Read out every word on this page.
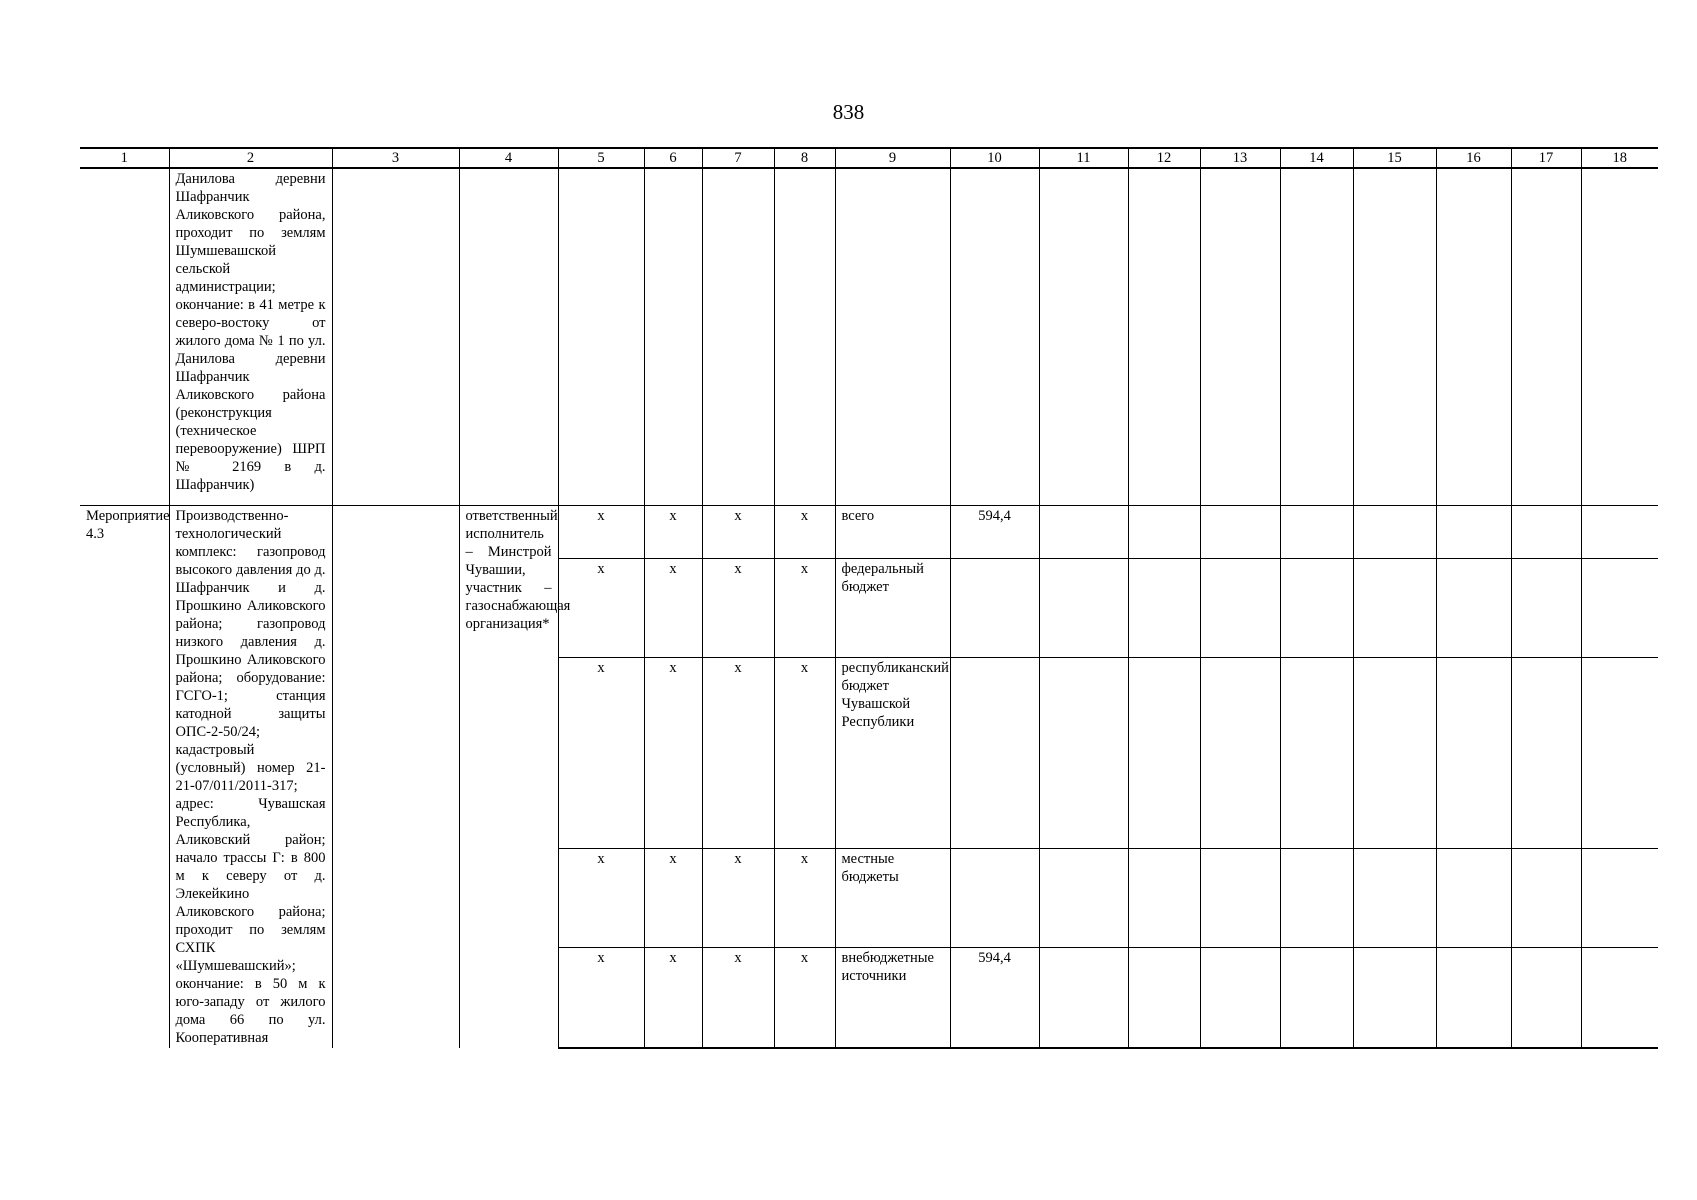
838
1	2	3	4	5	6	7	8	9	10	11	12	13	14	15	16	17	18
	Данилова деревни Шафранчик Аликовского района, проходит по землям Шумшевашской сельской администрации; окончание: в 41 метре к северо-востоку от жилого дома № 1 по ул. Данилова деревни Шафранчик Аликовского района (реконструкция (техническое перевооружение) ШРП № 2169 в д. Шафранчик)																
Мероприятие 4.3	Производственно-технологический комплекс: газопровод высокого давления до д. Шафранчик и д. Прошкино Аликовского района; газопровод низкого давления д. Прошкино Аликовского района; оборудование: ГСГО-1; станция катодной защиты ОПС-2-50/24; кадастровый (условный) номер 21-21-07/011/2011-317; адрес: Чувашская Республика, Аликовский район; начало трассы Г: в 800 м к северу от д. Элекейкино Аликовского района; проходит по землям СХПК «Шумшевашский»; окончание: в 50 м к юго-западу от жилого дома 66 по ул. Кооперативная		ответственный исполнитель – Минстрой Чувашии, участник – газоснабжающая организация*	х	х	х	х	всего	594,4								
				х	х	х	х	федеральный бюджет									
				х	х	х	х	республиканский бюджет Чувашской Республики									
				х	х	х	х	местные бюджеты									
				х	х	х	х	внебюджетные источники	594,4								
